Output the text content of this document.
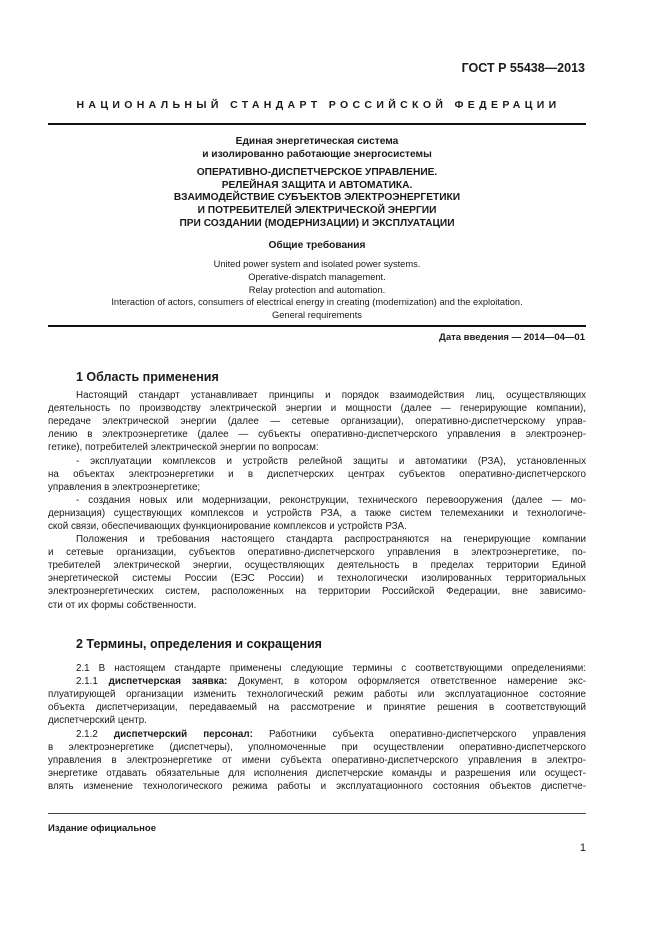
ГОСТ Р 55438—2013
НАЦИОНАЛЬНЫЙ СТАНДАРТ РОССИЙСКОЙ ФЕДЕРАЦИИ
Единая энергетическая система
и изолированно работающие энергосистемы
ОПЕРАТИВНО-ДИСПЕТЧЕРСКОЕ УПРАВЛЕНИЕ.
РЕЛЕЙНАЯ ЗАЩИТА И АВТОМАТИКА.
ВЗАИМОДЕЙСТВИЕ СУБЪЕКТОВ ЭЛЕКТРОЭНЕРГЕТИКИ
И ПОТРЕБИТЕЛЕЙ ЭЛЕКТРИЧЕСКОЙ ЭНЕРГИИ
ПРИ СОЗДАНИИ (МОДЕРНИЗАЦИИ) И ЭКСПЛУАТАЦИИ
Общие требования
United power system and isolated power systems.
Operative-dispatch management.
Relay protection and automation.
Interaction of actors, consumers of electrical energy in creating (modernization) and the exploitation.
General requirements
Дата введения — 2014—04—01
1 Область применения
Настоящий стандарт устанавливает принципы и порядок взаимодействия лиц, осуществляющих
деятельность по производству электрической энергии и мощности (далее — генерирующие компании),
передаче электрической энергии (далее — сетевые организации), оперативно-диспетчерскому управ-
лению в электроэнергетике (далее — субъекты оперативно-диспетчерского управления в электроэнер-
гетике), потребителей электрической энергии по вопросам:
- эксплуатации комплексов и устройств релейной защиты и автоматики (РЗА), установленных
на объектах электроэнергетики и в диспетчерских центрах субъектов оперативно-диспетчерского
управления в электроэнергетике;
- создания новых или модернизации, реконструкции, технического перевооружения (далее — мо-
дернизация) существующих комплексов и устройств РЗА, а также систем телемеханики и технологиче-
ской связи, обеспечивающих функционирование комплексов и устройств РЗА.
Положения и требования настоящего стандарта распространяются на генерирующие компании
и сетевые организации, субъектов оперативно-диспетчерского управления в электроэнергетике, по-
требителей электрической энергии, осуществляющих деятельность в пределах территории Единой
энергетической системы России (ЕЭС России) и технологически изолированных территориальных
электроэнергетических систем, расположенных на территории Российской Федерации, вне зависимо-
сти от их формы собственности.
2 Термины, определения и сокращения
2.1 В настоящем стандарте применены следующие термины с соответствующими определениями:
2.1.1 диспетчерская заявка: Документ, в котором оформляется ответственное намерение экс-
плуатирующей организации изменить технологический режим работы или эксплуатационное состояние
объекта диспетчеризации, передаваемый на рассмотрение и принятие решения в соответствующий
диспетчерский центр.
2.1.2 диспетчерский персонал: Работники субъекта оперативно-диспетчерского управления
в электроэнергетике (диспетчеры), уполномоченные при осуществлении оперативно-диспетчерского
управления в электроэнергетике от имени субъекта оперативно-диспетчерского управления в электро-
энергетике отдавать обязательные для исполнения диспетчерские команды и разрешения или осущест-
влять изменение технологического режима работы и эксплуатационного состояния объектов диспетче-
Издание официальное
1
